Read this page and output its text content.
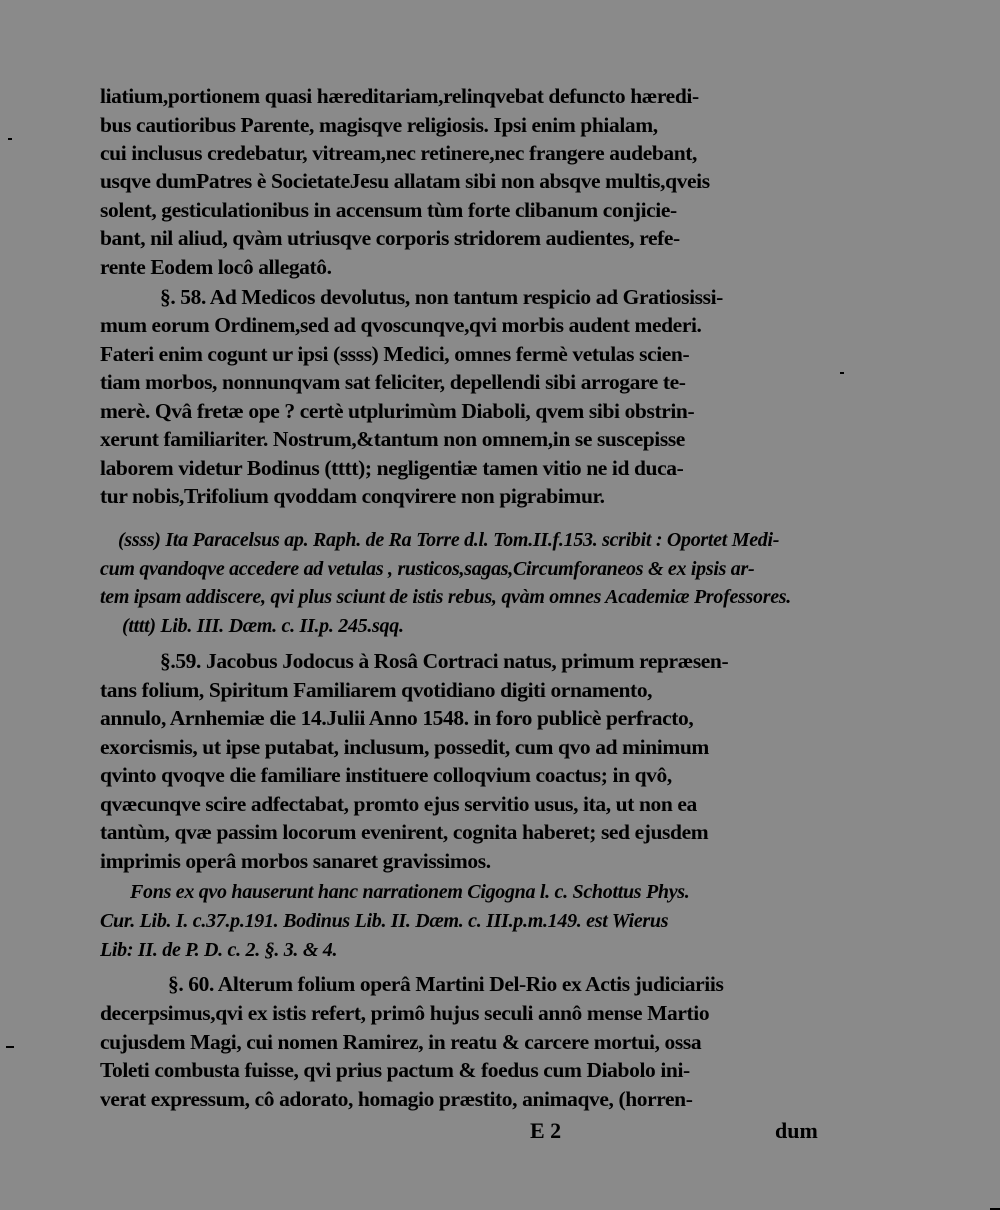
liatium,portionem quasi hæreditariam,relinqvebat defuncto hæredi-
bus cautioribus Parente, magisqve religiosis. Ipsi enim phialam,
cui inclusus credebatur, vitream,nec retinere,nec frangere audebant,
usqve dumPatres è SocietateJesu allatam sibi non absqve multis,qveis
solent, gesticulationibus in accensum tùm forte clibanum conjicie-
bant, nil aliud, qvàm utriusqve corporis stridorem audientes, refe-
rente Eodem locô allegatô.
§. 58. Ad Medicos devolutus, non tantum respicio ad Gratiosissi-
mum eorum Ordinem,sed ad qvoscunqve,qvi morbis audent mederi.
Fateri enim cogunt ur ipsi (ssss) Medici, omnes fermè vetulas scien-
tiam morbos, nonnunqvam sat feliciter, depellendi sibi arrogare te-
merè. Qvâ fretæ ope ? certè utplurimùm Diaboli, qvem sibi obstrin-
xerunt familiariter. Nostrum,&tantum non omnem,in se suscepisse
laborem videtur Bodinus (tttt); negligentiæ tamen vitio ne id duca-
tur nobis,Trifolium qvoddam conqvirere non pigrabimur.
(ssss) Ita Paracelsus ap. Raph. de Ra Torre d.l. Tom.II.f.153. scribit : Oportet Medi-
cum qvandoqve accedere ad vetulas , rusticos,sagas,Circumforaneos & ex ipsis ar-
tem ipsam addiscere, qvi plus sciunt de istis rebus, qvàm omnes Academiæ Professores.
(tttt) Lib. III. Dæm. c. II.p. 245.sqq.
§.59. Jacobus Jodocus à Rosâ Cortraci natus, primum repræsen-
tans folium, Spiritum Familiarem qvotidiano digiti ornamento,
annulo, Arnhemiæ die 14.Julii Anno 1548. in foro publicè perfracto,
exorcismis, ut ipse putabat, inclusum, possedit, cum qvo ad minimum
qvinto qvoqve die familiare instituere colloqvium coactus; in qvô,
qvæcunqve scire adfectabat, promto ejus servitio usus, ita, ut non ea
tantùm, qvæ passim locorum evenirent, cognita haberet; sed ejusdem
imprimis operâ morbos sanaret gravissimos.
Fons ex qvo hauserunt hanc narrationem Cigogna l. c. Schottus Phys.
Cur. Lib. I. c.37.p.191. Bodinus Lib. II. Dæm. c. III.p.m.149. est Wierus
Lib: II. de P. D. c. 2. §. 3. & 4.
§. 60. Alterum folium operâ Martini Del-Rio ex Actis judiciariis
decerpsimus,qvi ex istis refert, primô hujus seculi annô mense Martio
cujusdem Magi, cui nomen Ramirez, in reatu & carcere mortui, ossa
Toleti combusta fuisse, qvi prius pactum & foedus cum Diabolo ini-
verat expressum, cô adorato, homagio præstito, animaqve, (horren-
E 2	dum
